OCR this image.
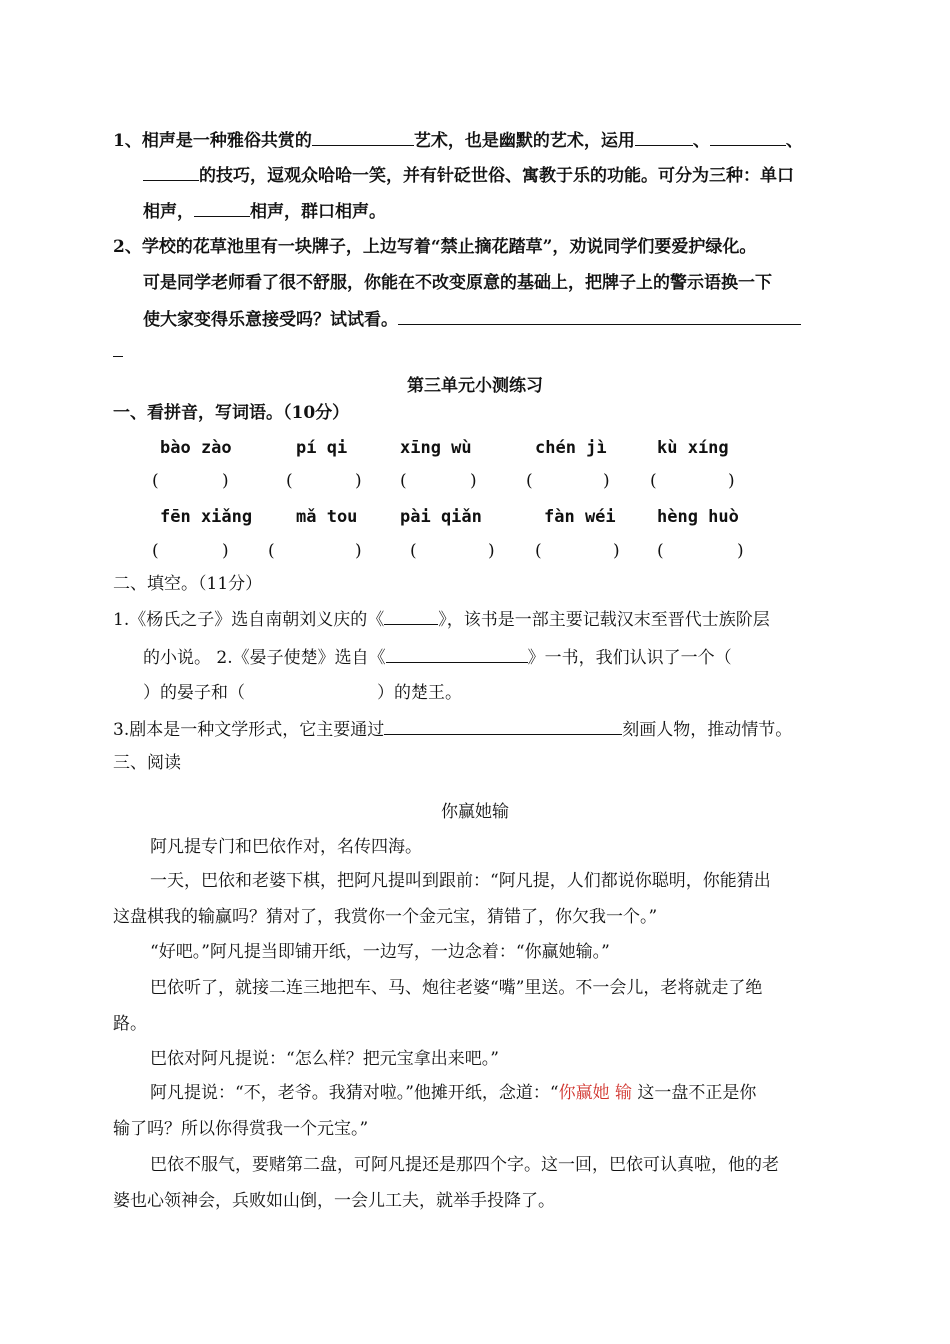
1、相声是一种雅俗共赏的	艺术，也是幽默的艺术，运用	、	、
的技巧，逗观众哈哈一笑，并有针砭世俗、寓教于乐的功能。可分为三种：单口
相声，	相声，群口相声。
2、学校的花草池里有一块牌子，上边写着“禁止摘花踏草”，劝说同学们要爱护绿化。
可是同学老师看了很不舒服，你能在不改变原意的基础上，把牌子上的警示语换一下
使大家变得乐意接受吗？试试看。
第三单元小测练习
一、看拼音，写词语。（10分）
bào zào	pí qi	xīng wù	chén jì	kù xíng
(	)	(	) (	)	(	) (	)
fēn xiǎng	mǎ tou	pài qiǎn	fàn wéi hèng huò
(	) (	)	(	) (	) (	)
二、填空。（11分）
1.《杨氏之子》选自南朝刘义庆的《	》，该书是一部主要记载汉末至晋代士族阶层
的小说。 2.《晏子使楚》选自《	》一书，我们认识了一个（
）的晏子和（	）的楚王。
3.剧本是一种文学形式，它主要通过	刻画人物，推动情节。
三、阅读
你赢她输
阿凡提专门和巴依作对，名传四海。
一天，巴依和老婆下棋，把阿凡提叫到跟前：“阿凡提，人们都说你聪明，你能猜出
这盘棋我的输赢吗？猜对了，我赏你一个金元宝，猜错了，你欠我一个。”
“好吧。”阿凡提当即铺开纸，一边写，一边念着：“你赢她输。”
巴依听了，就接二连三地把车、马、炮往老婆“嘴”里送。不一会儿，老将就走了绝
路。
巴依对阿凡提说：“怎么样？把元宝拿出来吧。”
阿凡提说：“不，老爷。我猜对啦。”他摊开纸，念道：“你赢她 输 这一盘不正是你
输了吗？所以你得赏我一个元宝。”
巴依不服气，要赌第二盘，可阿凡提还是那四个字。这一回，巴依可认真啦，他的老
婆也心领神会，兵败如山倒，一会儿工夫，就举手投降了。
